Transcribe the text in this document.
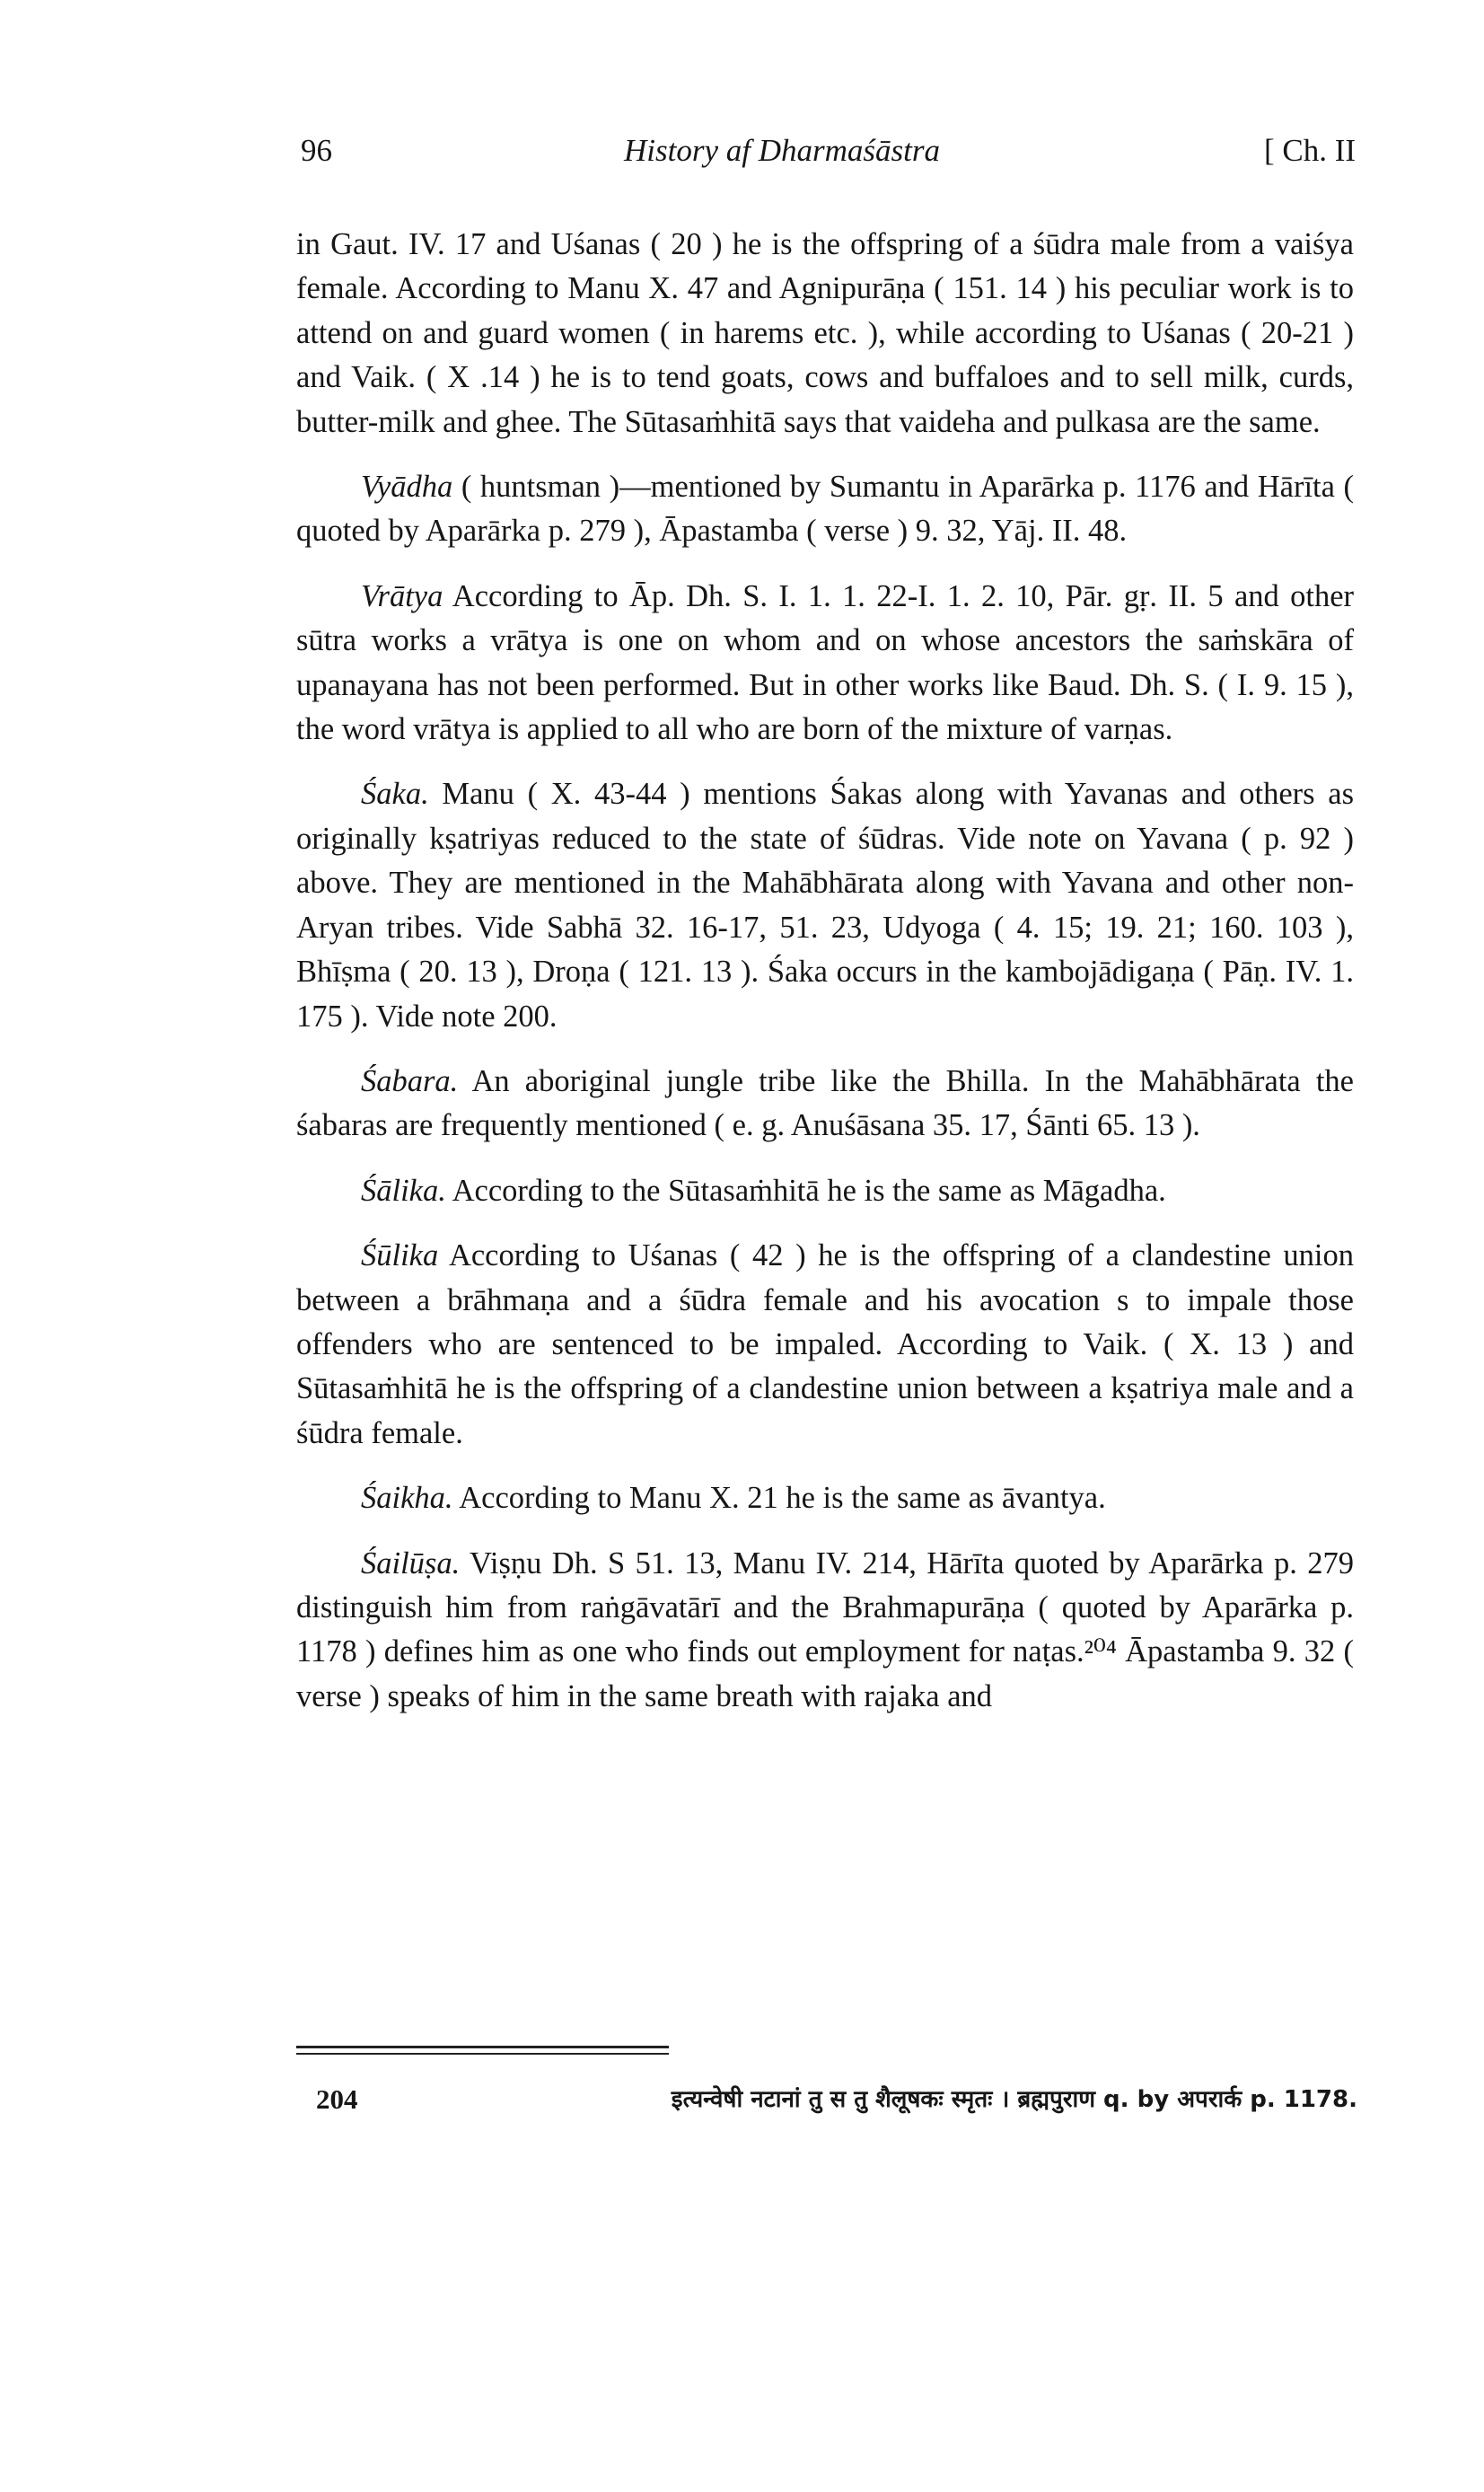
96	History af Dharmaśāstra	[ Ch. II

in Gaut. IV. 17 and Uśanas ( 20 ) he is the offspring of a śūdra male from a vaiśya female. According to Manu X. 47 and Agnipurāṇa ( 151. 14 ) his peculiar work is to attend on and guard women ( in harems etc. ), while according to Uśanas ( 20-21 ) and Vaik. ( X .14 ) he is to tend goats, cows and buffaloes and to sell milk, curds, butter-milk and ghee. The Sūtasaṁhitā says that vaideha and pulkasa are the same.

Vyādha ( huntsman )—mentioned by Sumantu in Aparārka p. 1176 and Hārīta ( quoted by Aparārka p. 279 ), Āpastamba ( verse ) 9. 32, Yāj. II. 48.

Vrātya According to Āp. Dh. S. I. 1. 1. 22-I. 1. 2. 10, Pār. gṛ. II. 5 and other sūtra works a vrātya is one on whom and on whose ancestors the saṁskāra of upanayana has not been performed. But in other works like Baud. Dh. S. ( I. 9. 15 ), the word vrātya is applied to all who are born of the mixture of varṇas.

Śaka. Manu ( X. 43-44 ) mentions Śakas along with Yavanas and others as originally kṣatriyas reduced to the state of śūdras. Vide note on Yavana ( p. 92 ) above. They are mentioned in the Mahābhārata along with Yavana and other non-Aryan tribes. Vide Sabhā 32. 16-17, 51. 23, Udyoga ( 4. 15; 19. 21; 160. 103 ), Bhīṣma ( 20. 13 ), Droṇa ( 121. 13 ). Śaka occurs in the kambojādigaṇa ( Pāṇ. IV. 1. 175 ). Vide note 200.

Śabara. An aboriginal jungle tribe like the Bhilla. In the Mahābhārata the śabaras are frequently mentioned ( e. g. Anuśāsana 35. 17, Śānti 65. 13 ).

Śālika. According to the Sūtasaṁhitā he is the same as Māgadha.

Śūlika According to Uśanas ( 42 ) he is the offspring of a clandestine union between a brāhmaṇa and a śūdra female and his avocation s to impale those offenders who are sentenced to be impaled. According to Vaik. ( X. 13 ) and Sūtasaṁhitā he is the offspring of a clandestine union between a kṣatriya male and a śūdra female.

Śaikha. According to Manu X. 21 he is the same as āvantya.

Śailūṣa. Viṣṇu Dh. S 51. 13, Manu IV. 214, Hārīta quoted by Aparārka p. 279 distinguish him from raṅgāvatārī and the Brahmapurāṇa ( quoted by Aparārka p. 1178 ) defines him as one who finds out employment for naṭas.²⁰⁴ Āpastamba 9. 32 ( verse ) speaks of him in the same breath with rajaka and

204	इत्यन्वेषी नटानां तु स तु शैलूषकः स्मृतः । ब्रह्मपुराण q. by अपरार्क p. 1178.
